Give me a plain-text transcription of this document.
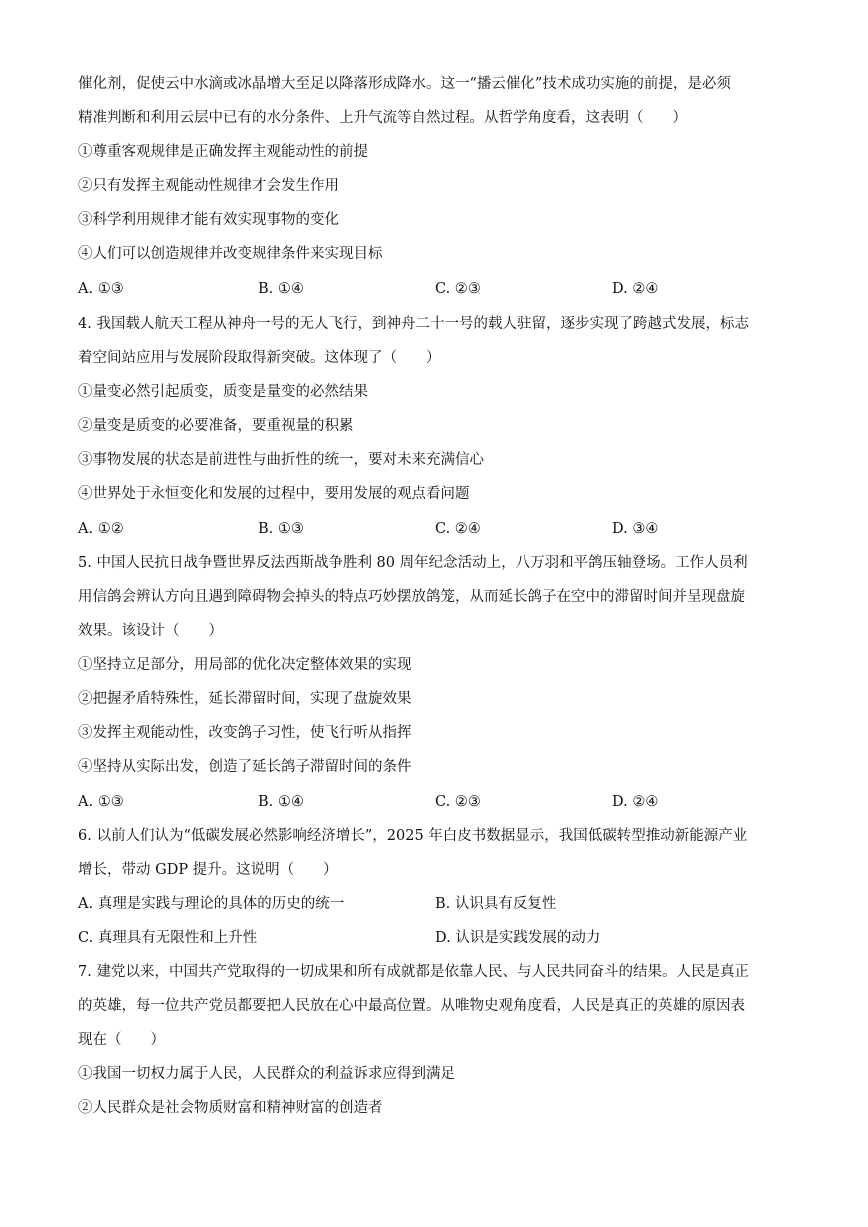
催化剂，促使云中水滴或冰晶增大至足以降落形成降水。这一“播云催化”技术成功实施的前提，是必须
精准判断和利用云层中已有的水分条件、上升气流等自然过程。从哲学角度看，这表明（　　）
①尊重客观规律是正确发挥主观能动性的前提
②只有发挥主观能动性规律才会发生作用
③科学利用规律才能有效实现事物的变化
④人们可以创造规律并改变规律条件来实现目标
A. ①③	B. ①④	C. ②③	D. ②④
4. 我国载人航天工程从神舟一号的无人飞行，到神舟二十一号的载人驻留，逐步实现了跨越式发展，标志
着空间站应用与发展阶段取得新突破。这体现了（　　）
①量变必然引起质变，质变是量变的必然结果
②量变是质变的必要准备，要重视量的积累
③事物发展的状态是前进性与曲折性的统一，要对未来充满信心
④世界处于永恒变化和发展的过程中，要用发展的观点看问题
A. ①②	B. ①③	C. ②④	D. ③④
5. 中国人民抗日战争暨世界反法西斯战争胜利 80 周年纪念活动上，八万羽和平鸽压轴登场。工作人员利
用信鸽会辨认方向且遇到障碍物会掉头的特点巧妙摆放鸽笼，从而延长鸽子在空中的滞留时间并呈现盘旋
效果。该设计（　　）
①坚持立足部分，用局部的优化决定整体效果的实现
②把握矛盾特殊性，延长滞留时间，实现了盘旋效果
③发挥主观能动性，改变鸽子习性，使飞行听从指挥
④坚持从实际出发，创造了延长鸽子滞留时间的条件
A. ①③	B. ①④	C. ②③	D. ②④
6. 以前人们认为“低碳发展必然影响经济增长”，2025 年白皮书数据显示，我国低碳转型推动新能源产业
增长，带动 GDP 提升。这说明（　　）
A. 真理是实践与理论的具体的历史的统一	B. 认识具有反复性
C. 真理具有无限性和上升性	D. 认识是实践发展的动力
7. 建党以来，中国共产党取得的一切成果和所有成就都是依靠人民、与人民共同奋斗的结果。人民是真正
的英雄，每一位共产党员都要把人民放在心中最高位置。从唯物史观角度看，人民是真正的英雄的原因表
现在（　　）
①我国一切权力属于人民，人民群众的利益诉求应得到满足
②人民群众是社会物质财富和精神财富的创造者
